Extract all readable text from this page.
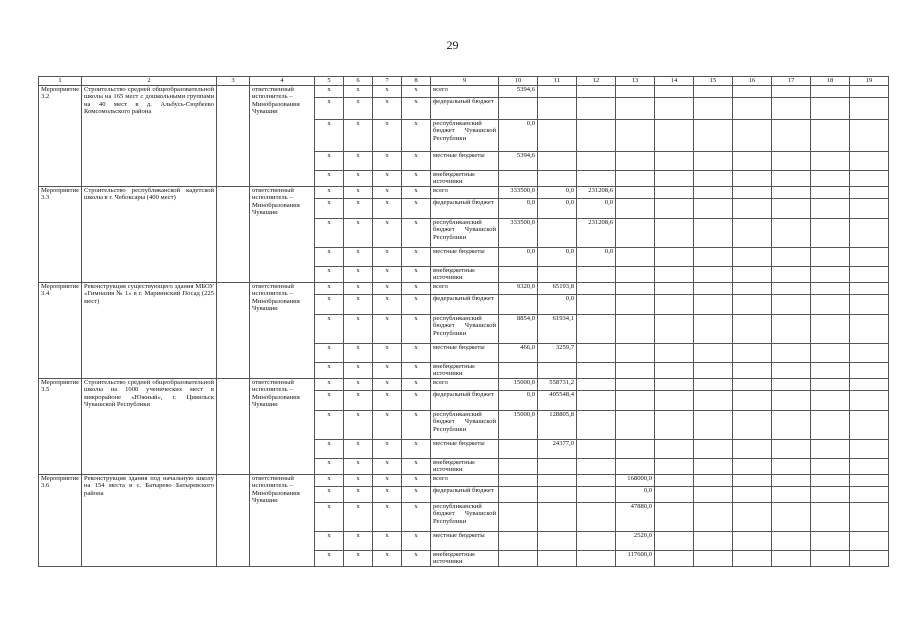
29
1	2	3	4	5	6	7	8	9	10	11	12	13	14	15	16	17	18	19
Мероприятие 3.2	Строительство средней общеобразовательной школы на 165 мест с дошкольными группами на 40 мест в д. Альбусь-Сюрбеево Комсомольского района		ответственный исполнитель – Минобразования Чувашии	x	x	x	x	всего	5394,6									
				x	x	x	x	федеральный бюджет										
				x	x	x	x	республиканский бюджет Чувашской Республики	0,0									
				x	x	x	x	местные бюджеты	5394,6									
				x	x	x	x	внебюджетные источники										
Мероприятие 3.3	Строительство республиканской кадетской школы в г. Чебоксары (400 мест)		ответственный исполнитель – Минобразования Чувашии	x	x	x	x	всего	333500,0	0,0	231208,6							
				x	x	x	x	федеральный бюджет	0,0	0,0	0,0							
				x	x	x	x	республиканский бюджет Чувашской Республики	333500,0		231208,6							
				x	x	x	x	местные бюджеты	0,0	0,0	0,0							
				x	x	x	x	внебюджетные источники										
Мероприятие 3.4	Реконструкция существующего здания МБОУ «Гимназия № 1» в г. Мариинский Посад (225 мест)		ответственный исполнитель – Минобразования Чувашии	x	x	x	x	всего	9320,0	65193,8								
				x	x	x	x	федеральный бюджет		0,0								
				x	x	x	x	республиканский бюджет Чувашской Республики	8854,0	61934,1								
				x	x	x	x	местные бюджеты	466,0	3259,7								
				x	x	x	x	внебюджетные источники										
Мероприятие 3.5	Строительство средней общеобразовательной школы на 1000 ученических мест в микрорайоне «Южный», г. Цивильск Чувашской Республики		ответственный исполнитель – Минобразования Чувашии	x	x	x	x	всего	15000,0	558731,2								
				x	x	x	x	федеральный бюджет	0,0	405548,4								
				x	x	x	x	республиканский бюджет Чувашской Республики	15000,0	128805,8								
				x	x	x	x	местные бюджеты		24377,0								
				x	x	x	x	внебюджетные источники										
Мероприятие 3.6	Реконструкция здания под начальную школу на 154 места в с. Батырево Батыревского района		ответственный исполнитель – Минобразования Чувашии	x	x	x	x	всего				168000,0						
				x	x	x	x	федеральный бюджет				0,0						
				x	x	x	x	республиканский бюджет Чувашской Республики				47880,0						
				x	x	x	x	местные бюджеты				2520,0						
				x	x	x	x	внебюджетные источники				117600,0						
